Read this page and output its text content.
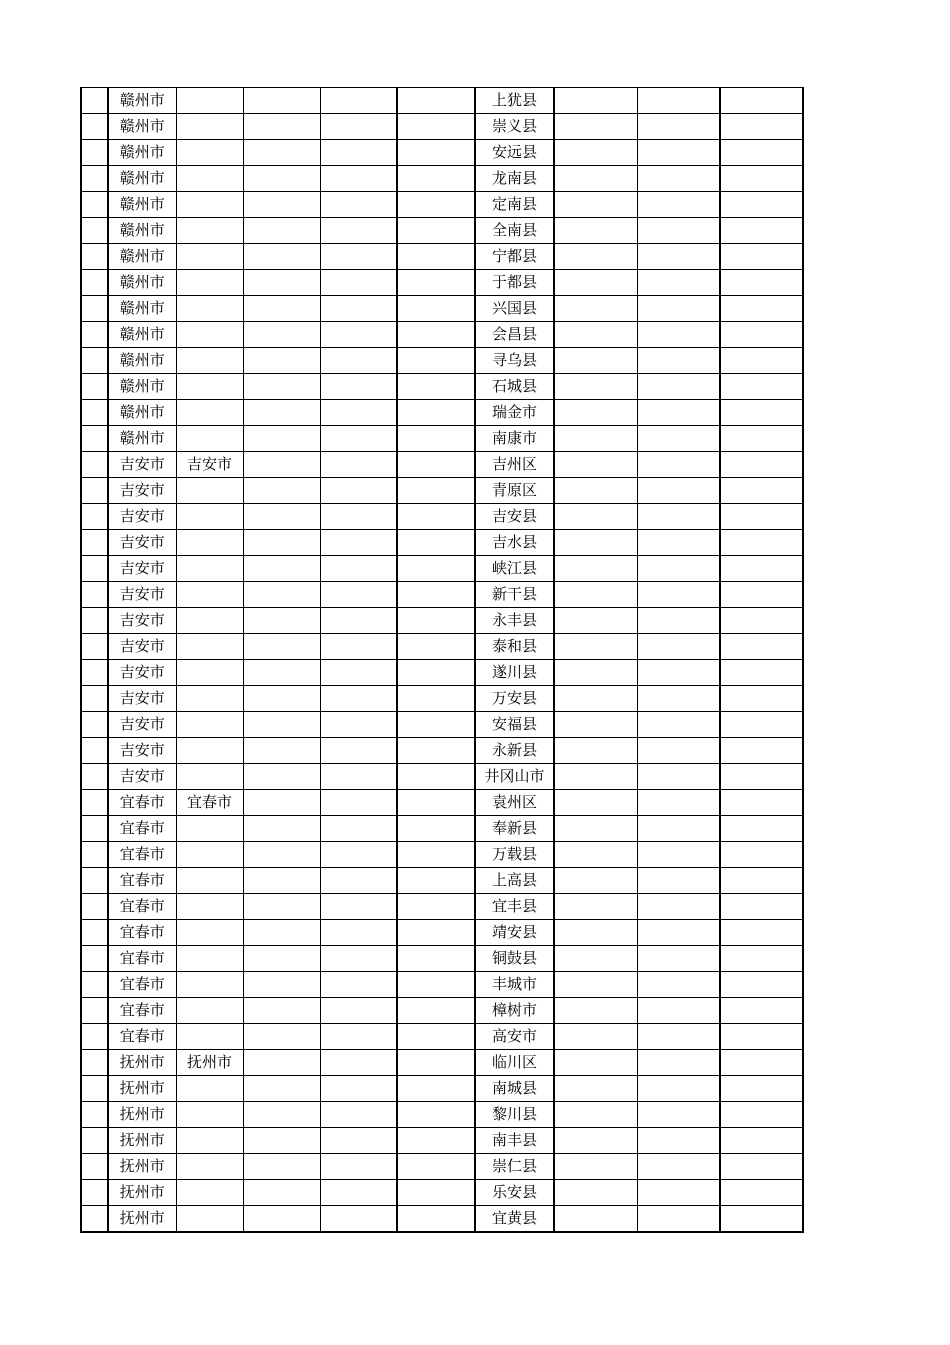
	赣州市					上犹县			
	赣州市					崇义县			
	赣州市					安远县			
	赣州市					龙南县			
	赣州市					定南县			
	赣州市					全南县			
	赣州市					宁都县			
	赣州市					于都县			
	赣州市					兴国县			
	赣州市					会昌县			
	赣州市					寻乌县			
	赣州市					石城县			
	赣州市					瑞金市			
	赣州市					南康市			
	吉安市	吉安市				吉州区			
	吉安市					青原区			
	吉安市					吉安县			
	吉安市					吉水县			
	吉安市					峡江县			
	吉安市					新干县			
	吉安市					永丰县			
	吉安市					泰和县			
	吉安市					遂川县			
	吉安市					万安县			
	吉安市					安福县			
	吉安市					永新县			
	吉安市					井冈山市			
	宜春市	宜春市				袁州区			
	宜春市					奉新县			
	宜春市					万载县			
	宜春市					上高县			
	宜春市					宜丰县			
	宜春市					靖安县			
	宜春市					铜鼓县			
	宜春市					丰城市			
	宜春市					樟树市			
	宜春市					高安市			
	抚州市	抚州市				临川区			
	抚州市					南城县			
	抚州市					黎川县			
	抚州市					南丰县			
	抚州市					崇仁县			
	抚州市					乐安县			
	抚州市					宜黄县			
